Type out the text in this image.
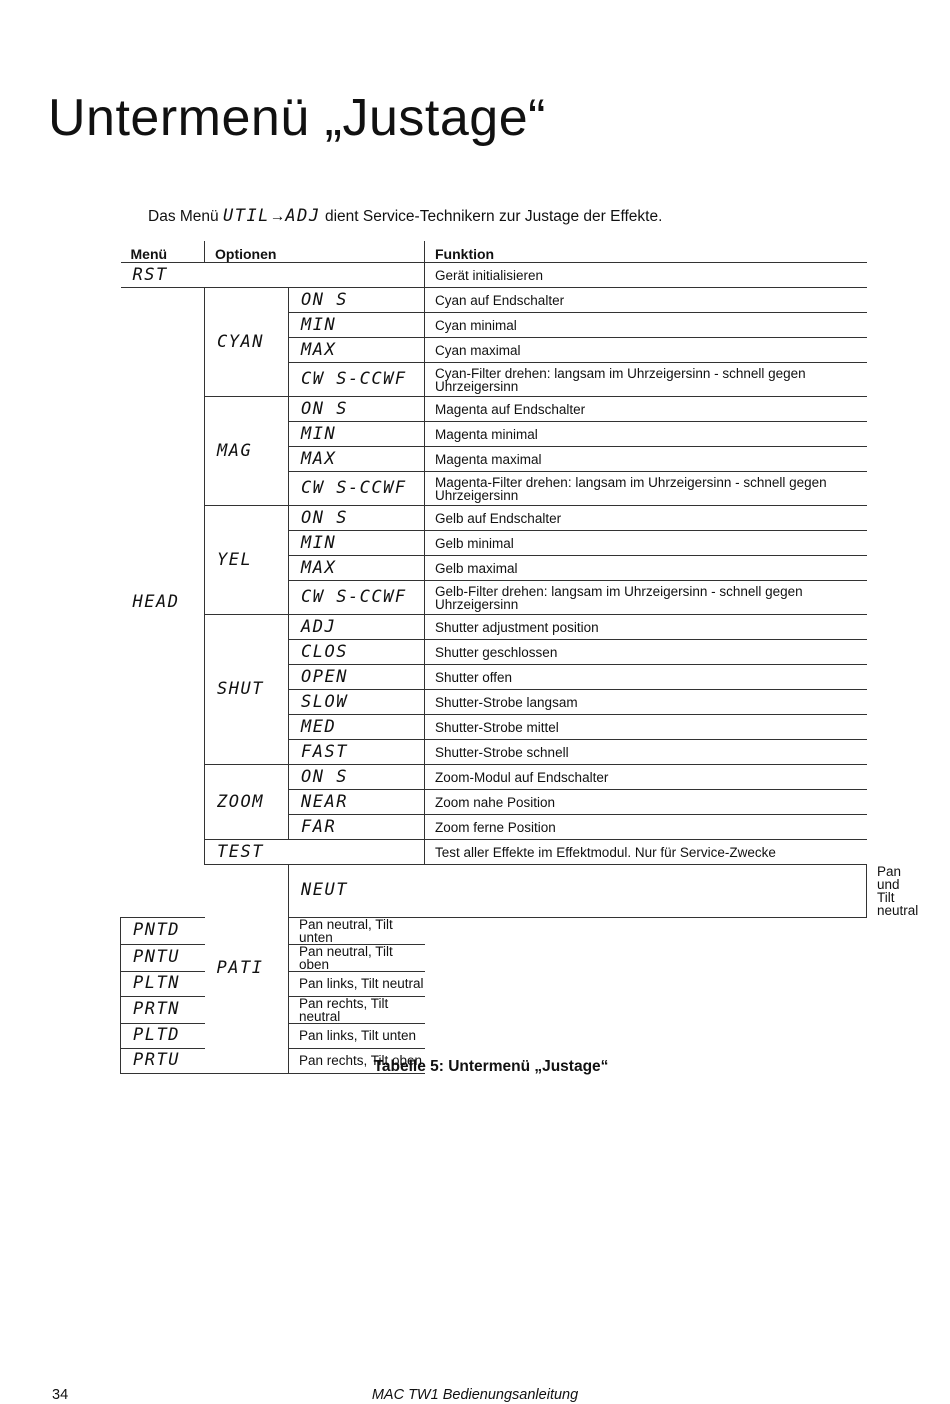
Untermenü „Justage“
Das Menü UTIL→ADJ dient Service-Technikern zur Justage der Effekte.
Menü	Optionen		Funktion	
RST			Gerät initialisieren	
HEAD	CYAN	ON S	Cyan auf Endschalter	
		MIN	Cyan minimal	
		MAX	Cyan maximal	
		CW S-CCWF	Cyan-Filter drehen: langsam im Uhrzeigersinn - schnell gegen Uhrzeigersinn	
	MAG	ON S	Magenta auf Endschalter	
		MIN	Magenta minimal	
		MAX	Magenta maximal	
		CW S-CCWF	Magenta-Filter drehen: langsam im Uhrzeigersinn - schnell gegen Uhrzeigersinn	
	YEL	ON S	Gelb auf Endschalter	
		MIN	Gelb minimal	
		MAX	Gelb maximal	
		CW S-CCWF	Gelb-Filter drehen: langsam im Uhrzeigersinn - schnell gegen Uhrzeigersinn	
	SHUT	ADJ	Shutter adjustment position	
		CLOS	Shutter geschlossen	
		OPEN	Shutter offen	
		SLOW	Shutter-Strobe langsam	
		MED	Shutter-Strobe mittel	
		FAST	Shutter-Strobe schnell	
	ZOOM	ON S	Zoom-Modul auf Endschalter	
		NEAR	Zoom nahe Position	
		FAR	Zoom ferne Position	
	TEST		Test aller Effekte im Effektmodul. Nur für Service-Zwecke	
	PATI	NEUT		Pan und Tilt neutral
PNTD		Pan neutral, Tilt unten		
PNTU		Pan neutral, Tilt oben		
PLTN		Pan links, Tilt neutral		
PRTN		Pan rechts, Tilt neutral		
PLTD		Pan links, Tilt unten		
PRTU		Pan rechts, Tilt oben		
Tabelle 5: Untermenü „Justage“
34	MAC TW1 Bedienungsanleitung
